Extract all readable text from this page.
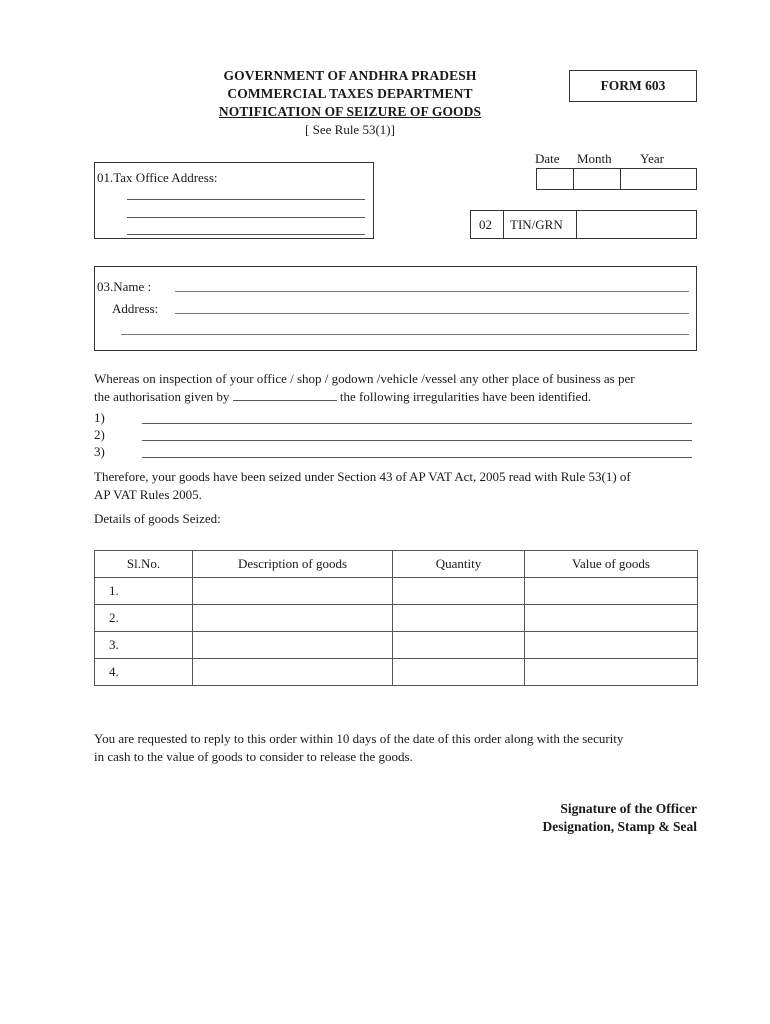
GOVERNMENT OF ANDHRA PRADESH
COMMERCIAL TAXES DEPARTMENT
NOTIFICATION OF SEIZURE OF GOODS
[ See Rule 53(1)]
FORM 603
Date Month Year
01.Tax Office Address:
02 TIN/GRN
03.Name :
Address:
Whereas on inspection of your office / shop / godown /vehicle /vessel any other place of business as per
the authorisation given by	the following irregularities have been identified.
1)
2)
3)
Therefore, your goods have been seized under Section 43 of AP VAT Act, 2005 read with Rule 53(1) of
AP VAT Rules 2005.
Details of goods Seized:
Sl.No.	Description of goods	Quantity	Value of goods
1.			
2.			
3.			
4.			
You are requested to reply to this order within 10 days of the date of this order along with the security
in cash to the value of goods to consider to release the goods.
Signature of the Officer
Designation, Stamp & Seal
